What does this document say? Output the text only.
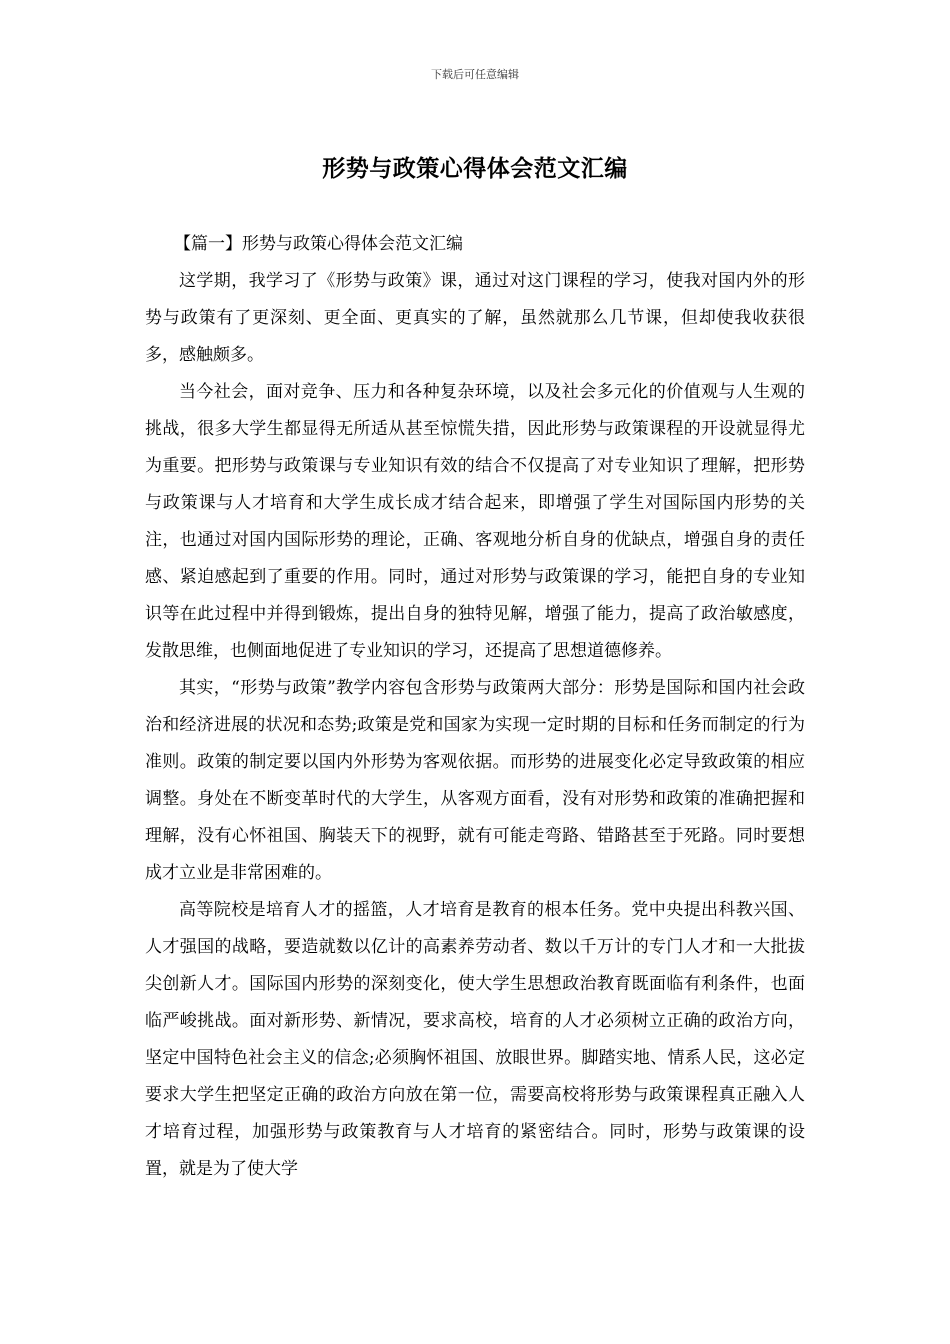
下载后可任意编辑
形势与政策心得体会范文汇编

【篇一】形势与政策心得体会范文汇编

这学期，我学习了《形势与政策》课，通过对这门课程的学习，使我对国内外的形势与政策有了更深刻、更全面、更真实的了解，虽然就那么几节课，但却使我收获很多，感触颇多。

当今社会，面对竞争、压力和各种复杂环境，以及社会多元化的价值观与人生观的挑战，很多大学生都显得无所适从甚至惊慌失措，因此形势与政策课程的开设就显得尤为重要。把形势与政策课与专业知识有效的结合不仅提高了对专业知识了理解，把形势与政策课与人才培育和大学生成长成才结合起来，即增强了学生对国际国内形势的关注，也通过对国内国际形势的理论，正确、客观地分析自身的优缺点，增强自身的责任感、紧迫感起到了重要的作用。同时，通过对形势与政策课的学习，能把自身的专业知识等在此过程中并得到锻炼，提出自身的独特见解，增强了能力，提高了政治敏感度，发散思维，也侧面地促进了专业知识的学习，还提高了思想道德修养。

其实，“形势与政策”教学内容包含形势与政策两大部分：形势是国际和国内社会政治和经济进展的状况和态势;政策是党和国家为实现一定时期的目标和任务而制定的行为准则。政策的制定要以国内外形势为客观依据。而形势的进展变化必定导致政策的相应调整。身处在不断变革时代的大学生，从客观方面看，没有对形势和政策的准确把握和理解，没有心怀祖国、胸装天下的视野，就有可能走弯路、错路甚至于死路。同时要想成才立业是非常困难的。

高等院校是培育人才的摇篮，人才培育是教育的根本任务。党中央提出科教兴国、人才强国的战略，要造就数以亿计的高素养劳动者、数以千万计的专门人才和一大批拔尖创新人才。国际国内形势的深刻变化，使大学生思想政治教育既面临有利条件，也面临严峻挑战。面对新形势、新情况，要求高校，培育的人才必须树立正确的政治方向，坚定中国特色社会主义的信念;必须胸怀祖国、放眼世界。脚踏实地、情系人民，这必定要求大学生把坚定正确的政治方向放在第一位，需要高校将形势与政策课程真正融入人才培育过程，加强形势与政策教育与人才培育的紧密结合。同时，形势与政策课的设置，就是为了使大学
